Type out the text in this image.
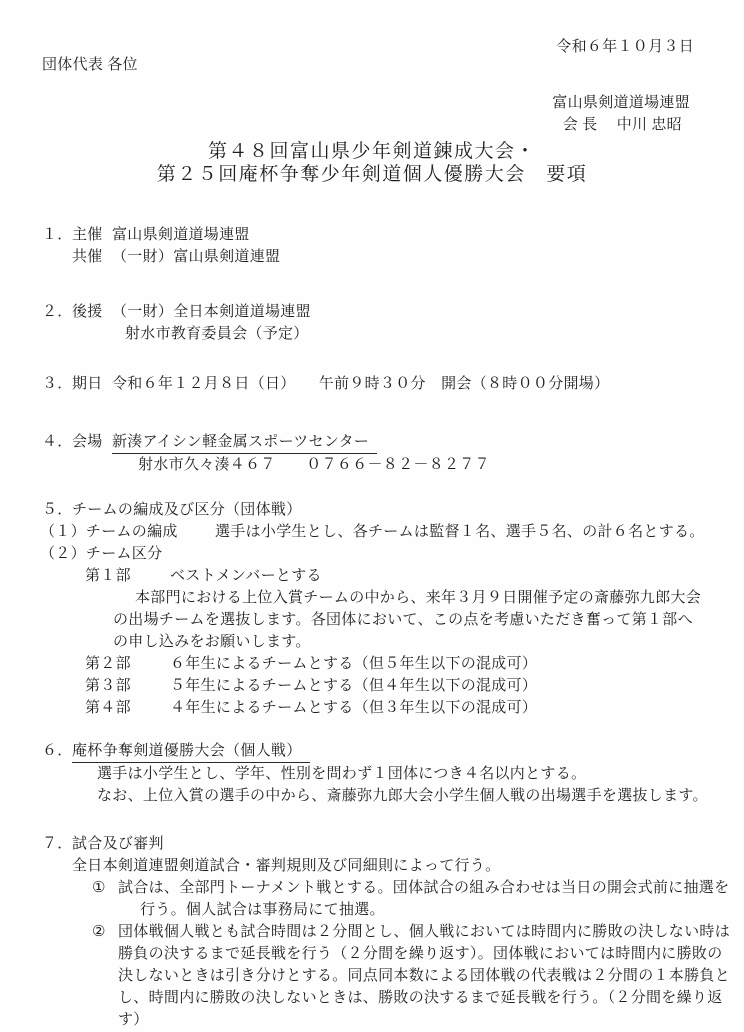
令和６年１０月３日
団体代表 各位
富山県剣道道場連盟
会 長　 中川 忠昭
第４８回富山県少年剣道錬成大会・
第２５回庵杯争奪少年剣道個人優勝大会　要項
１． 主催 富山県剣道道場連盟
共催 （一財）富山県剣道連盟
２． 後援 （一財）全日本剣道道場連盟
射水市教育委員会（予定）
３． 期日 令和６年１２月８日（日）　　午前９時３０分　開会（８時００分開場）
４． 会場 新湊アイシン軽金属スポーツセンター
射水市久々湊４６７　　０７６６－８２－８２７７
５． チームの編成及び区分（団体戦）
（１）チームの編成	選手は小学生とし、各チームは監督１名、選手５名、の計６名とする。
（２）チーム区分
第１部	ベストメンバーとする
本部門における上位入賞チームの中から、来年３月９日開催予定の斎藤弥九郎大会
の出場チームを選抜します。各団体において、この点を考慮いただき奮って第１部へ
の申し込みをお願いします。
第２部	６年生によるチームとする（但５年生以下の混成可）
第３部	５年生によるチームとする（但４年生以下の混成可）
第４部	４年生によるチームとする（但３年生以下の混成可）
６． 庵杯争奪剣道優勝大会（個人戦）
選手は小学生とし、学年、性別を問わず１団体につき４名以内とする。
なお、上位入賞の選手の中から、斎藤弥九郎大会小学生個人戦の出場選手を選抜します。
７． 試合及び審判
全日本剣道連盟剣道試合・審判規則及び同細則によって行う。
① 試合は、全部門トーナメント戦とする。団体試合の組み合わせは当日の開会式前に抽選を
行う。個人試合は事務局にて抽選。
② 団体戦個人戦とも試合時間は２分間とし、個人戦においては時間内に勝敗の決しない時は
勝負の決するまで延長戦を行う（２分間を繰り返す）。団体戦においては時間内に勝敗の
決しないときは引き分けとする。同点同本数による団体戦の代表戦は２分間の１本勝負と
し、時間内に勝敗の決しないときは、勝敗の決するまで延長戦を行う。（２分間を繰り返
す）
